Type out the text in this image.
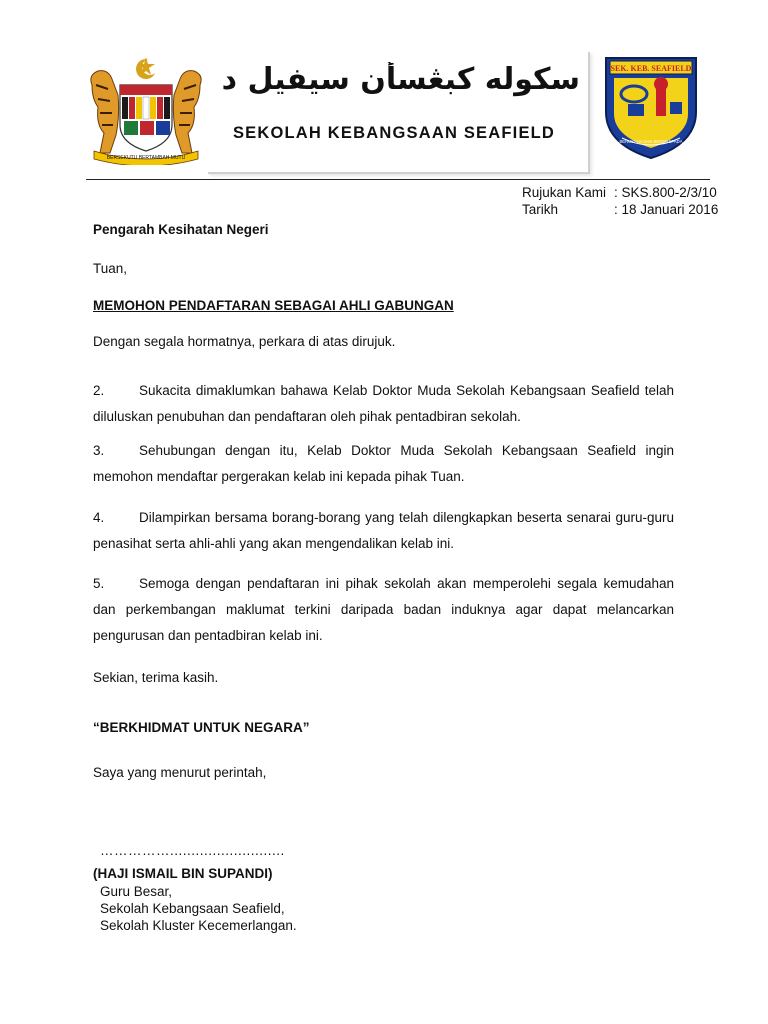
BERSEKUTU BERTAMBAH MUTU
سكوله كبڠسأن سيفيل د
SEKOLAH KEBANGSAAN SEAFIELD
SEK. KEB. SEAFIELD
BERUSAHA DAN BERWASPADA
Rujukan Kami : SKS.800-2/3/10
Tarikh	: 18 Januari 2016
Pengarah Kesihatan Negeri
Tuan,
MEMOHON PENDAFTARAN SEBAGAI AHLI GABUNGAN
Dengan segala hormatnya, perkara di atas dirujuk.
2.	Sukacita dimaklumkan bahawa Kelab Doktor Muda Sekolah Kebangsaan Seafield telah diluluskan penubuhan dan pendaftaran oleh pihak pentadbiran sekolah.
3.	Sehubungan dengan itu, Kelab Doktor Muda Sekolah Kebangsaan Seafield ingin memohon mendaftar pergerakan kelab ini kepada pihak Tuan.
4.	Dilampirkan bersama borang-borang yang telah dilengkapkan beserta senarai guru-guru penasihat serta ahli-ahli yang akan mengendalikan kelab ini.
5.	Semoga dengan pendaftaran ini pihak sekolah akan memperolehi segala kemudahan dan perkembangan maklumat terkini daripada badan induknya agar dapat melancarkan pengurusan dan pentadbiran kelab ini.
Sekian, terima kasih.
“BERKHIDMAT UNTUK NEGARA”
Saya yang menurut perintah,
……………...........................
(HAJI ISMAIL BIN SUPANDI)
Guru Besar,
Sekolah Kebangsaan Seafield,
Sekolah Kluster Kecemerlangan.
